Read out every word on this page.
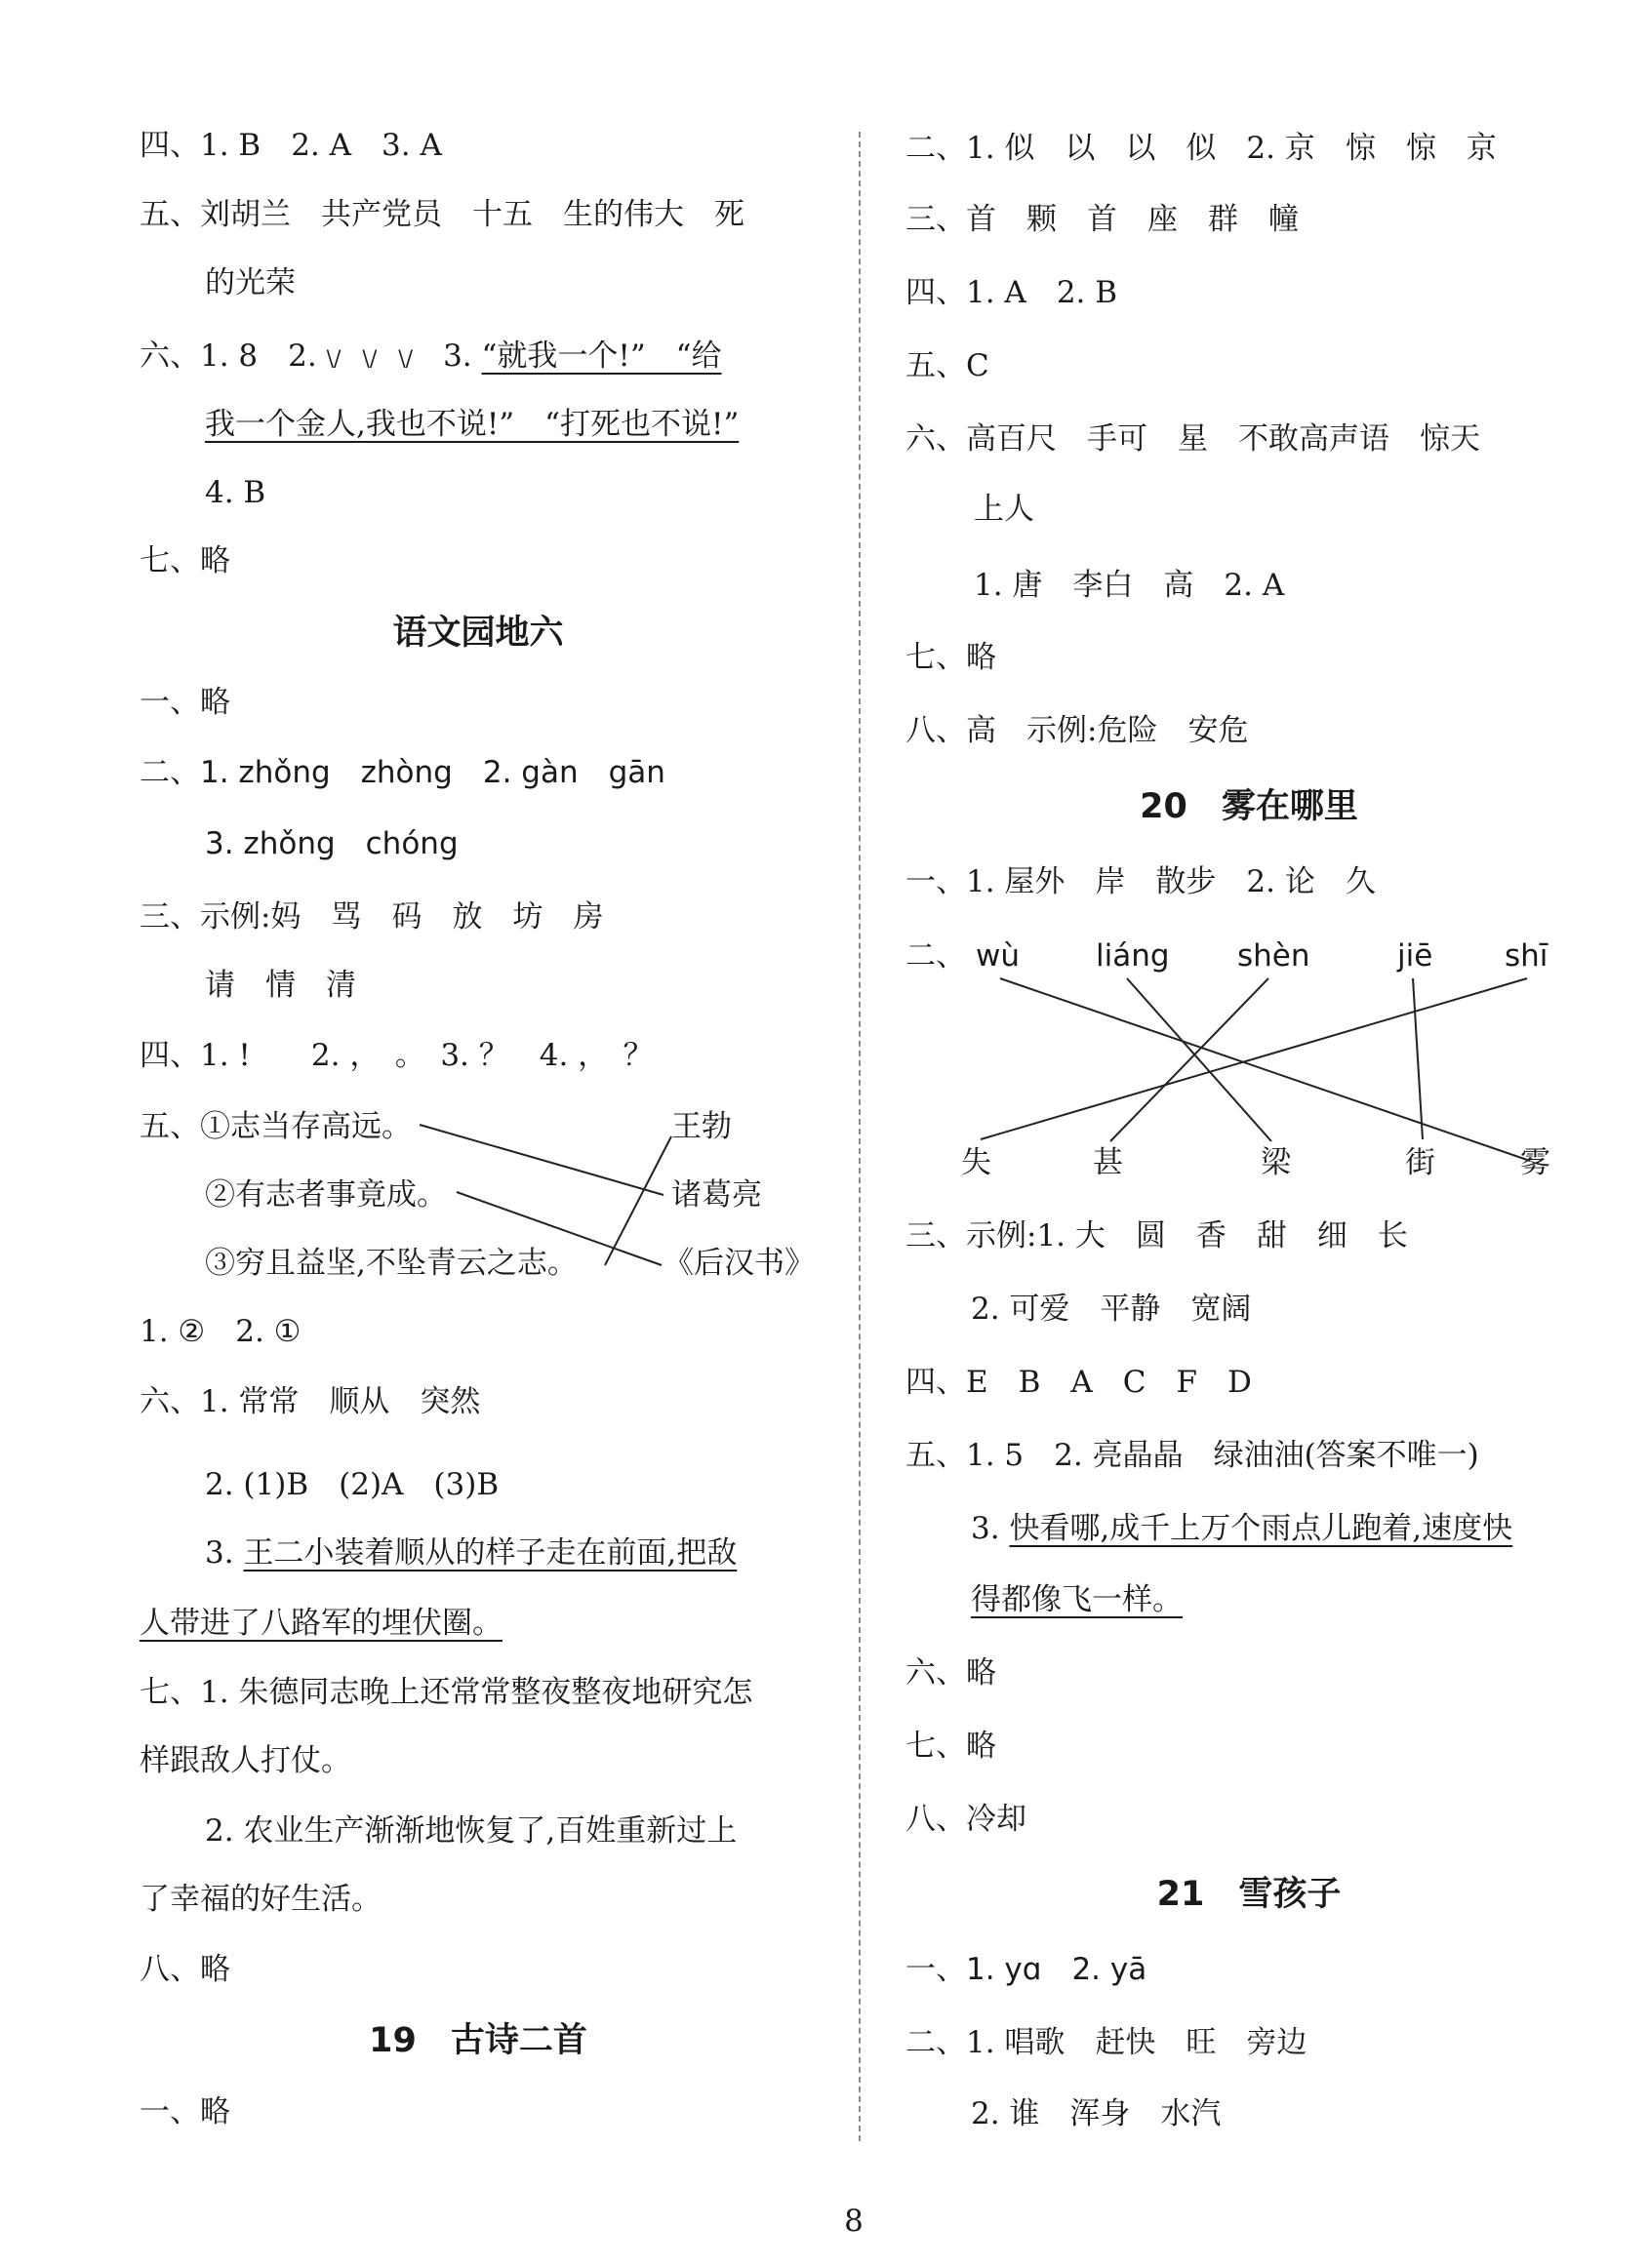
四、1. B　2. A　3. A
五、刘胡兰　共产党员　十五　生的伟大　死
的光荣
六、1. 8　2. \/　\/　\/　 3. “就我一个!”　“给
我一个金人,我也不说!”　“打死也不说!”
4. B
七、略
语文园地六
一、略
二、1. zhǒng　zhòng　2. gàn　gān
3. zhǒng　chóng
三、示例:妈　骂　码　放　坊　房
请　情　清
四、1. !　　2. ，　。　3. ？　4. ，　？
五、①志当存高远。
②有志者事竟成。
③穷且益坚,不坠青云之志。
王勃
诸葛亮
《后汉书》
1. ②　2. ①
六、1. 常常　顺从　突然
2. (1)B　(2)A　(3)B
3. 王二小装着顺从的样子走在前面,把敌
人带进了八路军的埋伏圈。
七、1. 朱德同志晚上还常常整夜整夜地研究怎
样跟敌人打仗。
2. 农业生产渐渐地恢复了,百姓重新过上
了幸福的好生活。
八、略
19　古诗二首
一、略
二、1. 似　以　以　似　2. 京　惊　惊　京
三、首　颗　首　座　群　幢
四、1. A　2. B
五、C
六、高百尺　手可　星　不敢高声语　惊天
上人
1. 唐　李白　高　2. A
七、略
八、高　示例:危险　安危
20　雾在哪里
一、1. 屋外　岸　散步　2. 论　久
二、 wù	liáng shèn	jiē shī
失	甚	梁	街	雾
三、示例:1. 大　圆　香　甜　细　长
2. 可爱　平静　宽阔
四、E　B　A　C　F　D
五、1. 5　2. 亮晶晶　绿油油(答案不唯一)
3. 快看哪,成千上万个雨点儿跑着,速度快
得都像飞一样。
六、略
七、略
八、冷却
21　雪孩子
一、1. yɑ　2. yā
二、1. 唱歌　赶快　旺　旁边
2. 谁　浑身　水汽
8
